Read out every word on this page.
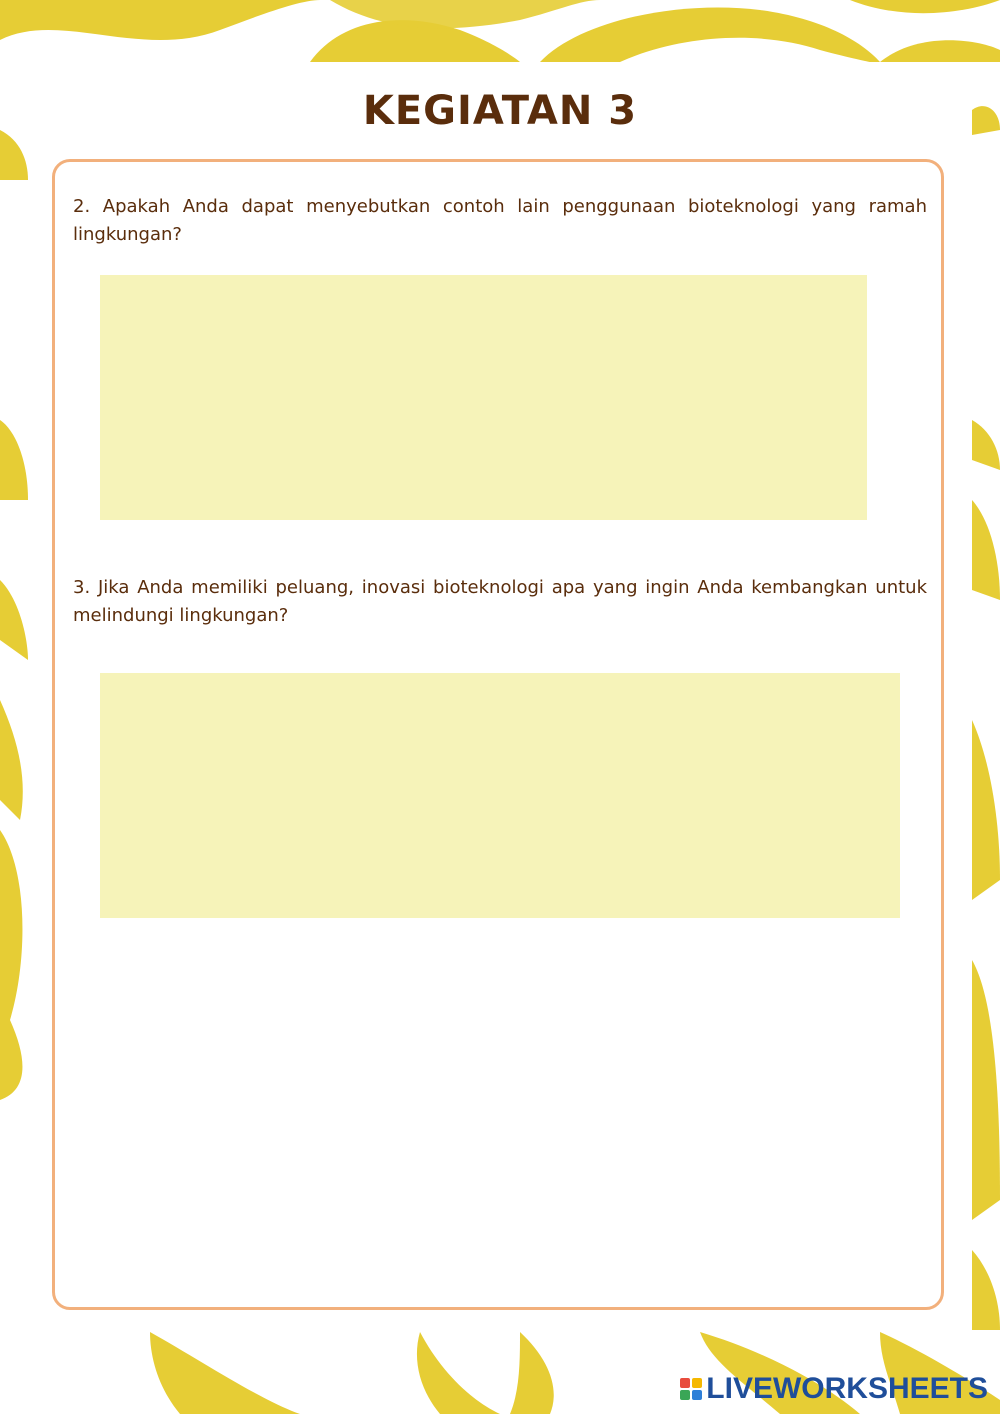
KEGIATAN 3

2. Apakah Anda dapat menyebutkan contoh lain penggunaan bioteknologi yang ramah lingkungan?

3. Jika Anda memiliki peluang, inovasi bioteknologi apa yang ingin Anda kembangkan untuk melindungi lingkungan?

LIVEWORKSHEETS
